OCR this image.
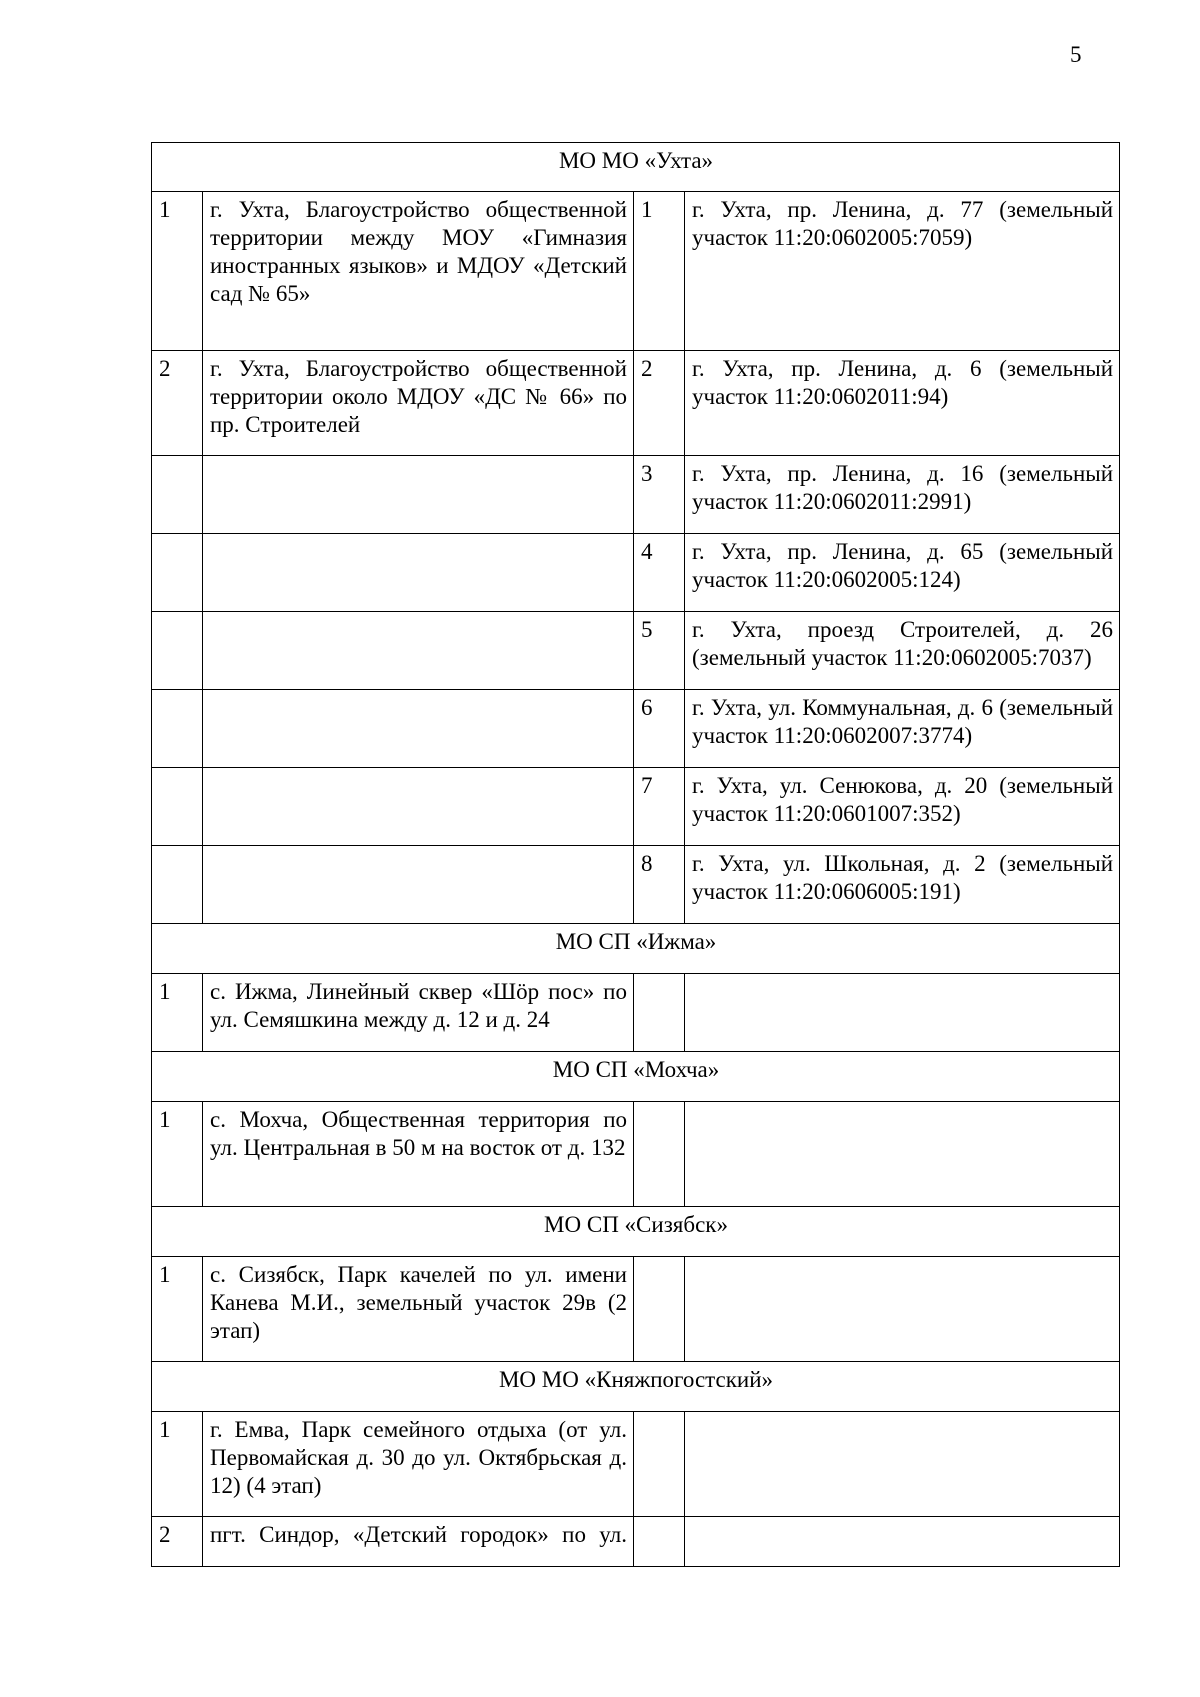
5
МО МО «Ухта»			
1	г. Ухта, Благоустройство общественной территории между МОУ «Гимназия иностранных языков» и МДОУ «Детский сад № 65»	1	г. Ухта, пр. Ленина, д. 77 (земельный участок 11:20:0602005:7059)
2	г. Ухта, Благоустройство общественной территории около МДОУ «ДС № 66» по пр. Строителей	2	г. Ухта, пр. Ленина, д. 6 (земельный участок 11:20:0602011:94)
		3	г. Ухта, пр. Ленина, д. 16 (земельный участок 11:20:0602011:2991)
		4	г. Ухта, пр. Ленина, д. 65 (земельный участок 11:20:0602005:124)
		5	г. Ухта, проезд Строителей, д. 26 (земельный участок 11:20:0602005:7037)
		6	г. Ухта, ул. Коммунальная, д. 6 (земельный участок 11:20:0602007:3774)
		7	г. Ухта, ул. Сенюкова, д. 20 (земельный участок 11:20:0601007:352)
		8	г. Ухта, ул. Школьная, д. 2 (земельный участок 11:20:0606005:191)
МО СП «Ижма»			
1	с. Ижма, Линейный сквер «Шӧр пос» по ул. Семяшкина между д. 12 и д. 24		
МО СП «Мохча»			
1	с. Мохча, Общественная территория по ул. Центральная в 50 м на восток от д. 132		
МО СП «Сизябск»			
1	с. Сизябск, Парк качелей по ул. имени Канева М.И., земельный участок 29в (2 этап)		
МО МО «Княжпогостский»			
1	г. Емва, Парк семейного отдыха (от ул. Первомайская д. 30 до ул. Октябрьская д. 12) (4 этап)		
2	пгт. Синдор, «Детский городок» по ул.		
